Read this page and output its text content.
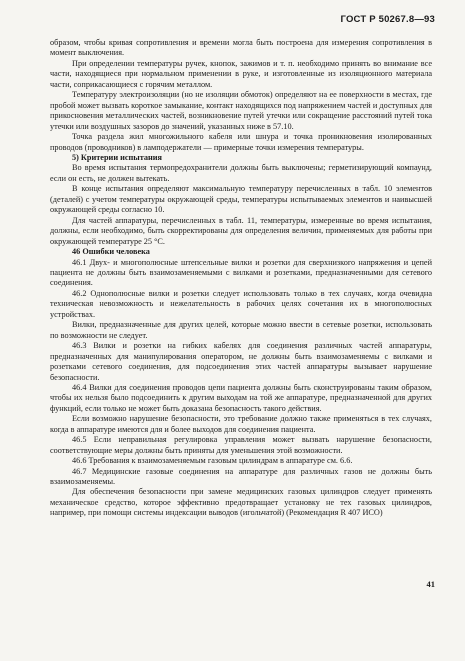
ГОСТ Р 50267.8—93

образом, чтобы кривая сопротивления и времени могла быть построена для измерения сопротивления в момент выключения.

При определении температуры ручек, кнопок, зажимов и т. п. необходимо принять во внимание все части, находящиеся при нормальном применении в руке, и изготовленные из изоляционного материала части, соприкасающиеся с горячим металлом.

Температуру электроизоляции (но не изоляции обмоток) определяют на ее поверхности в местах, где пробой может вызвать короткое замыкание, контакт находящихся под напряжением частей и доступных для прикосновения металлических частей, возникновение путей утечки или сокращение расстояний путей тока утечки или воздушных зазоров до значений, указанных ниже в 57.10.

Точка раздела жил многожильного кабеля или шнура и точка проникновения изолированных проводов (проводников) в ламподержатели — примерные точки измерения температуры.

5) Критерии испытания

Во время испытания термопредохранители должны быть выключены; герметизирующий компаунд, если он есть, не должен вытекать.

В конце испытания определяют максимальную температуру перечисленных в табл. 10 элементов (деталей) с учетом температуры окружающей среды, температуры испытываемых элементов и наивысшей окружающей среды согласно 10.

Для частей аппаратуры, перечисленных в табл. 11, температуры, измеренные во время испытания, должны, если необходимо, быть скорректированы для определения величин, применяемых для работы при окружающей температуре 25 °С.

46 Ошибки человека

46.1 Двух- и многополюсные штепсельные вилки и розетки для сверхнизкого напряжения и цепей пациента не должны быть взаимозаменяемыми с вилками и розетками, предназначенными для сетевого соединения.

46.2 Однополюсные вилки и розетки следует использовать только в тех случаях, когда очевидна техническая невозможность и нежелательность в рабочих целях сочетания их в многополюсных устройствах.

Вилки, предназначенные для других целей, которые можно ввести в сетевые розетки, использовать по возможности не следует.

46.3 Вилки и розетки на гибких кабелях для соединения различных частей аппаратуры, предназначенных для манипулирования оператором, не должны быть взаимозаменяемы с вилками и розетками сетевого соединения, для подсоединения этих частей аппаратуры вызывает нарушение безопасности.

46.4 Вилки для соединения проводов цепи пациента должны быть сконструированы таким образом, чтобы их нельзя было подсоединить к другим выходам на той же аппаратуре, предназначенной для других функций, если только не может быть доказана безопасность такого действия.

Если возможно нарушение безопасности, это требование должно также применяться в тех случаях, когда в аппаратуре имеются для и более выходов для соединения пациента.

46.5 Если неправильная регулировка управления может вызвать нарушение безопасности, соответствующие меры должны быть приняты для уменьшения этой возможности.

46.6 Требования к взаимозаменяемым газовым цилиндрам в аппаратуре см. 6.6.

46.7 Медицинские газовые соединения на аппаратуре для различных газов не должны быть взаимозаменяемы.

Для обеспечения безопасности при замене медицинских газовых цилиндров следует применять механическое средство, которое эффективно предотвращает установку не тех газовых цилиндров, например, при помощи системы индексации выводов (игольчатой) (Рекомендация R 407 ИСО)

41
